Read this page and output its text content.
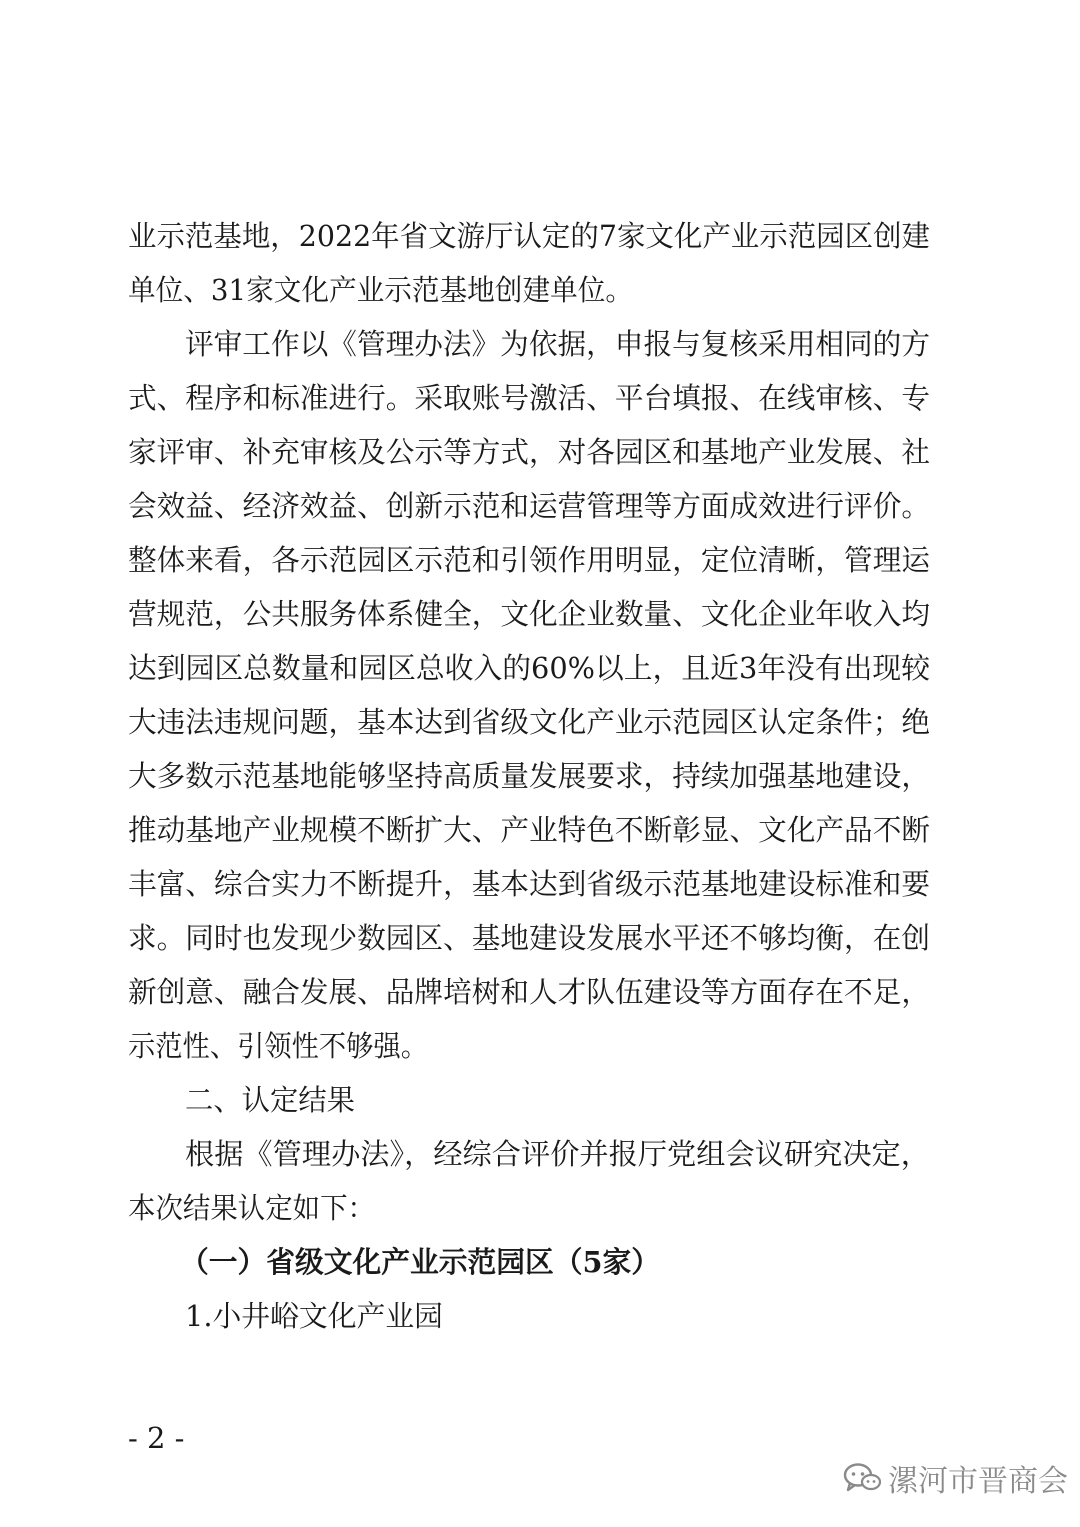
业示范基地，2022年省文游厅认定的7家文化产业示范园区创建
单位、31家文化产业示范基地创建单位。
评审工作以《管理办法》为依据，申报与复核采用相同的方
式、程序和标准进行。采取账号激活、平台填报、在线审核、专
家评审、补充审核及公示等方式，对各园区和基地产业发展、社
会效益、经济效益、创新示范和运营管理等方面成效进行评价。
整体来看，各示范园区示范和引领作用明显，定位清晰，管理运
营规范，公共服务体系健全，文化企业数量、文化企业年收入均
达到园区总数量和园区总收入的60%以上，且近3年没有出现较
大违法违规问题，基本达到省级文化产业示范园区认定条件；绝
大多数示范基地能够坚持高质量发展要求，持续加强基地建设，
推动基地产业规模不断扩大、产业特色不断彰显、文化产品不断
丰富、综合实力不断提升，基本达到省级示范基地建设标准和要
求。同时也发现少数园区、基地建设发展水平还不够均衡，在创
新创意、融合发展、品牌培树和人才队伍建设等方面存在不足，
示范性、引领性不够强。
二、认定结果
根据《管理办法》，经综合评价并报厅党组会议研究决定，
本次结果认定如下：
（一）省级文化产业示范园区（5家）
1.小井峪文化产业园
- 2 -
漯河市晋商会
